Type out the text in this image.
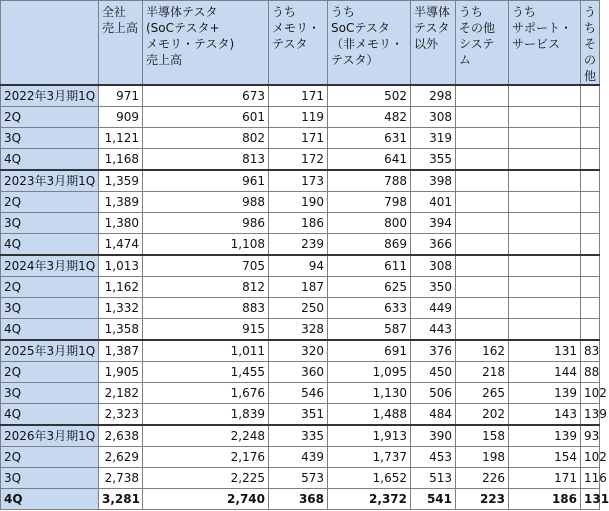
	全社
売上高	半導体テスタ
(SoCテスタ+
メモリ・テスタ)
売上高	うち
メモリ・
テスタ	うち
SoCテスタ
（非メモリ・
テスタ）	半導体
テスタ
以外	うち
その他
システム	うち
サポート・
サービス	うち
その他
2022年3月期1Q	971	673	171	502	298			
2Q	909	601	119	482	308			
3Q	1,121	802	171	631	319			
4Q	1,168	813	172	641	355			
2023年3月期1Q	1,359	961	173	788	398			
2Q	1,389	988	190	798	401			
3Q	1,380	986	186	800	394			
4Q	1,474	1,108	239	869	366			
2024年3月期1Q	1,013	705	94	611	308			
2Q	1,162	812	187	625	350			
3Q	1,332	883	250	633	449			
4Q	1,358	915	328	587	443			
2025年3月期1Q	1,387	1,011	320	691	376	162	131	83
2Q	1,905	1,455	360	1,095	450	218	144	88
3Q	2,182	1,676	546	1,130	506	265	139	102
4Q	2,323	1,839	351	1,488	484	202	143	139
2026年3月期1Q	2,638	2,248	335	1,913	390	158	139	93
2Q	2,629	2,176	439	1,737	453	198	154	102
3Q	2,738	2,225	573	1,652	513	226	171	116
4Q	3,281	2,740	368	2,372	541	223	186	131
